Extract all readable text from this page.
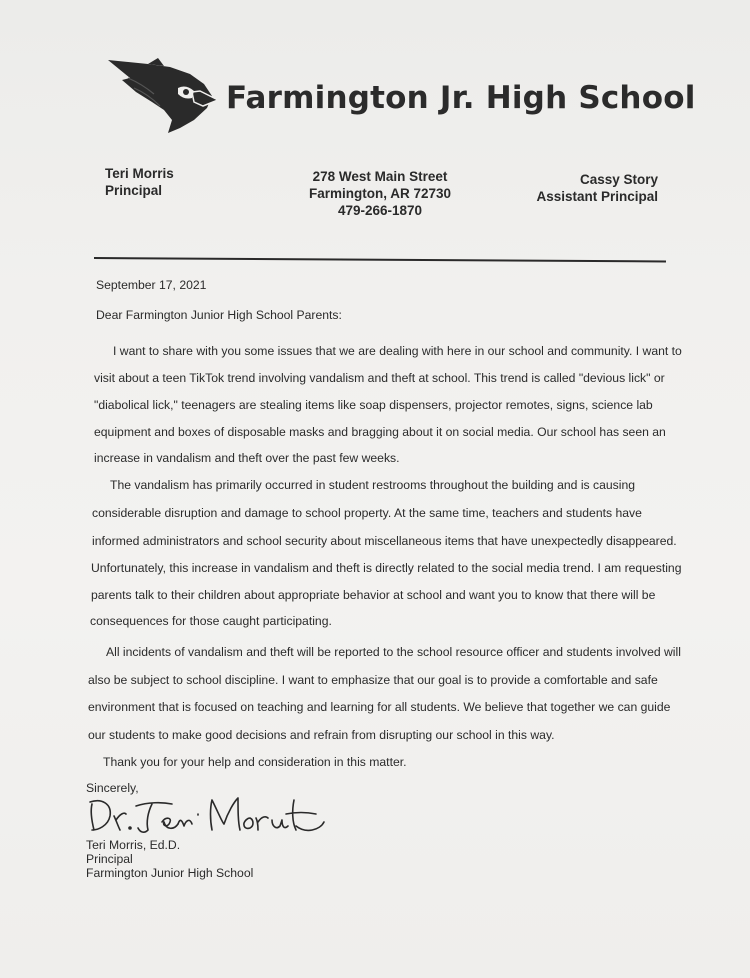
Farmington Jr. High School
Teri Morris
Principal
278 West Main Street
Farmington, AR 72730
479-266-1870
Cassy Story
Assistant Principal
September 17, 2021
Dear Farmington Junior High School Parents:
I want to share with you some issues that we are dealing with here in our school and community. I want to
visit about a teen TikTok trend involving vandalism and theft at school. This trend is called "devious lick" or
"diabolical lick," teenagers are stealing items like soap dispensers, projector remotes, signs, science lab
equipment and boxes of disposable masks and bragging about it on social media. Our school has seen an
increase in vandalism and theft over the past few weeks.
The vandalism has primarily occurred in student restrooms throughout the building and is causing
considerable disruption and damage to school property. At the same time, teachers and students have
informed administrators and school security about miscellaneous items that have unexpectedly disappeared.
Unfortunately, this increase in vandalism and theft is directly related to the social media trend. I am requesting
parents talk to their children about appropriate behavior at school and want you to know that there will be
consequences for those caught participating.
All incidents of vandalism and theft will be reported to the school resource officer and students involved will
also be subject to school discipline. I want to emphasize that our goal is to provide a comfortable and safe
environment that is focused on teaching and learning for all students. We believe that together we can guide
our students to make good decisions and refrain from disrupting our school in this way.
Thank you for your help and consideration in this matter.
Sincerely,
Teri Morris, Ed.D.
Principal
Farmington Junior High School
